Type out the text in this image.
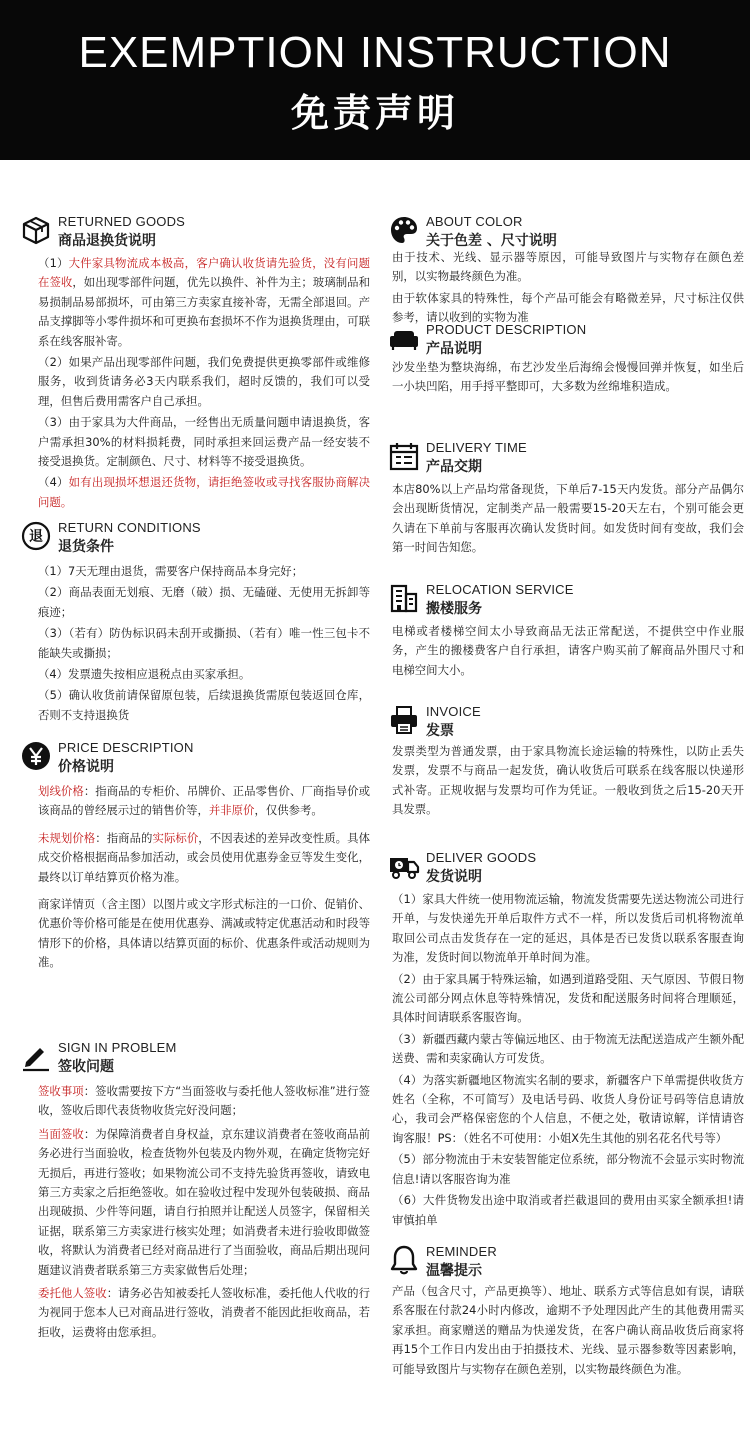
EXEMPTION INSTRUCTION
免责声明
RETURNED GOODS
商品退换货说明

（1）大件家具物流成本极高，客户确认收货请先验货，没有问题在签收，如出现零部件问题，优先以换件、补件为主；玻璃制品和易损制品易部损坏，可由第三方卖家直接补寄，无需全部退回。产品支撑脚等小零件损坏和可更换布套损坏不作为退换货理由，可联系在线客服补寄。

（2）如果产品出现零部件问题，我们免费提供更换零部件或维修服务，收到货请务必3天内联系我们，超时反馈的，我们可以受理，但售后费用需客户自己承担。

（3）由于家具为大件商品，一经售出无质量问题申请退换货，客户需承担30%的材料损耗费，同时承担来回运费产品一经安装不接受退换货。定制颜色、尺寸、材料等不接受退换货。

（4）如有出现损坏想退还货物，请拒绝签收或寻找客服协商解决问题。

退
RETURN CONDITIONS
退货条件

（1）7天无理由退货，需要客户保持商品本身完好；

（2）商品表面无划痕、无磨（破）损、无磕碰、无使用无拆卸等痕迹；

（3）（若有）防伪标识码未刮开或撕损、（若有）唯一性三包卡不能缺失或撕损；

（4）发票遗失按相应退税点由买家承担。

（5）确认收货前请保留原包装，后续退换货需原包装返回仓库，否则不支持退换货

PRICE DESCRIPTION
价格说明

划线价格：指商品的专柜价、吊牌价、正品零售价、厂商指导价或该商品的曾经展示过的销售价等，并非原价，仅供参考。

未规划价格：指商品的实际标价，不因表述的差异改变性质。具体成交价格根据商品参加活动，或会员使用优惠券金豆等发生变化，最终以订单结算页价格为准。

商家详情页（含主图）以图片或文字形式标注的一口价、促销价、优惠价等价格可能是在使用优惠券、满减或特定优惠活动和时段等情形下的价格，具体请以结算页面的标价、优惠条件或活动规则为准。

SIGN IN PROBLEM
签收问题

签收事项：签收需要按下方“当面签收与委托他人签收标准”进行签收，签收后即代表货物收货完好没问题；

当面签收：为保障消费者自身权益，京东建议消费者在签收商品前务必进行当面验收，检查货物外包装及内物外观，在确定货物完好无损后，再进行签收；如果物流公司不支持先验货再签收，请致电第三方卖家之后拒绝签收。如在验收过程中发现外包装破损、商品出现破损、少件等问题，请自行拍照并让配送人员签字，保留相关证据，联系第三方卖家进行核实处理；如消费者未进行验收即做签收，将默认为消费者已经对商品进行了当面验收，商品后期出现问题建议消费者联系第三方卖家做售后处理；

委托他人签收：请务必告知被委托人签收标准，委托他人代收的行为视同于您本人已对商品进行签收，消费者不能因此拒收商品，若拒收，运费将由您承担。

ABOUT COLOR
关于色差 、尺寸说明

由于技术、光线、显示器等原因，可能导致图片与实物存在颜色差别，以实物最终颜色为准。

由于软体家具的特殊性，每个产品可能会有略微差异，尺寸标注仅供参考，请以收到的实物为准

PRODUCT DESCRIPTION
产品说明

沙发坐垫为整块海绵，布艺沙发坐后海绵会慢慢回弹并恢复，如坐后一小块凹陷，用手捋平整即可，大多数为丝绵堆积造成。

DELIVERY TIME
产品交期

本店80%以上产品均常备现货，下单后7-15天内发货。部分产品偶尔会出现断货情况，定制类产品一般需要15-20天左右，个别可能会更久请在下单前与客服再次确认发货时间。如发货时间有变故，我们会第一时间告知您。

RELOCATION SERVICE
搬楼服务

电梯或者楼梯空间太小导致商品无法正常配送，不提供空中作业服务，产生的搬楼费客户自行承担，请客户购买前了解商品外围尺寸和电梯空间大小。

INVOICE
发票

发票类型为普通发票，由于家具物流长途运输的特殊性，以防止丢失发票，发票不与商品一起发货，确认收货后可联系在线客服以快递形式补寄。正规收据与发票均可作为凭证。一般收到货之后15-20天开具发票。

DELIVER GOODS
发货说明

（1）家具大件统一使用物流运输，物流发货需要先送达物流公司进行开单，与发快递先开单后取件方式不一样，所以发货后司机将物流单取回公司点击发货存在一定的延迟，具体是否已发货以联系客服查询为准，发货时间以物流单开单时间为准。

（2）由于家具属于特殊运输，如遇到道路受阻、天气原因、节假日物流公司部分网点休息等特殊情况，发货和配送服务时间将合理顺延，具体时间请联系客服咨询。

（3）新疆西藏内蒙古等偏远地区、由于物流无法配送造成产生额外配送费、需和卖家确认方可发货。

（4）为落实新疆地区物流实名制的要求，新疆客户下单需提供收货方姓名（全称，不可简写）及电话号码、收货人身份证号码等信息请放心，我司会严格保密您的个人信息，不便之处，敬请谅解，详情请咨询客服！PS：（姓名不可使用：小姐X先生其他的别名花名代号等）

（5）部分物流由于未安装智能定位系统，部分物流不会显示实时物流信息!请以客服咨询为准

（6）大件货物发出途中取消或者拦截退回的费用由买家全额承担!请审慎拍单

REMINDER
温馨提示

产品（包含尺寸，产品更换等）、地址、联系方式等信息如有误，请联系客服在付款24小时内修改，逾期不予处理因此产生的其他费用需买家承担。商家赠送的赠品为快递发货，在客户确认商品收货后商家将再15个工作日内发出由于拍摄技术、光线、显示器参数等因素影响，可能导致图片与实物存在颜色差别，以实物最终颜色为准。
